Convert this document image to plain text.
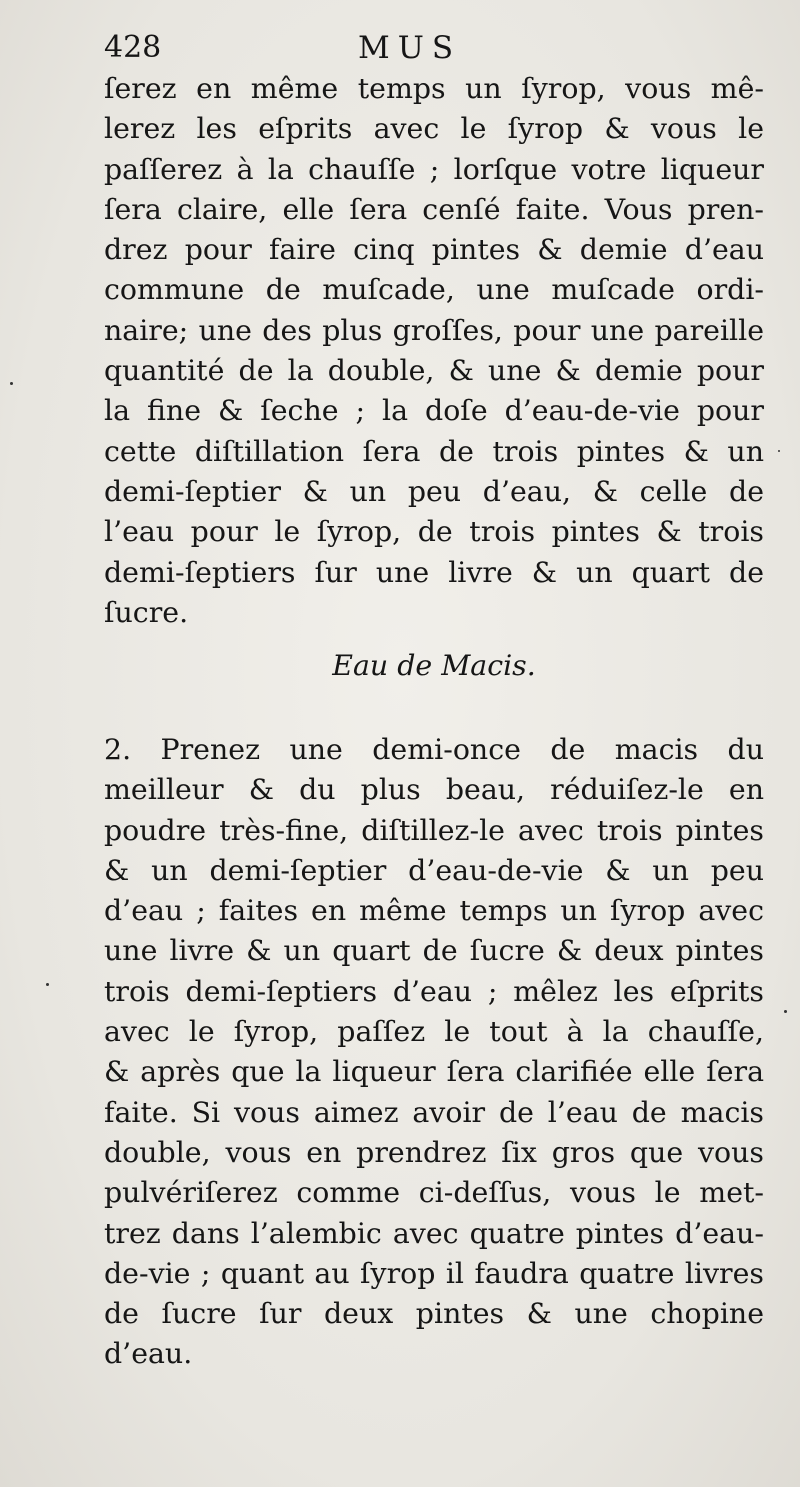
428	MUS
ſerez en même temps un ſyrop, vous mê-
lerez les eſprits avec le ſyrop & vous le
paſſerez à la chauſſe ; lorſque votre liqueur
ſera claire, elle ſera cenſé faite. Vous pren-
drez pour faire cinq pintes & demie d’eau
commune de muſcade, une muſcade ordi-
naire; une des plus groſſes, pour une pareille
quantité de la double, & une & demie pour
la fine & ſeche ; la doſe d’eau-de-vie pour
cette diſtillation ſera de trois pintes & un
demi-ſeptier & un peu d’eau, & celle de
l’eau pour le ſyrop, de trois pintes & trois
demi-ſeptiers ſur une livre & un quart de
ſucre.
Eau de Macis.
2. Prenez une demi-once de macis du
meilleur & du plus beau, réduiſez-le en
poudre très-fine, diſtillez-le avec trois pintes
& un demi-ſeptier d’eau-de-vie & un peu
d’eau ; faites en même temps un ſyrop avec
une livre & un quart de ſucre & deux pintes
trois demi-ſeptiers d’eau ; mêlez les eſprits
avec le ſyrop, paſſez le tout à la chauſſe,
& après que la liqueur ſera clarifiée elle ſera
faite. Si vous aimez avoir de l’eau de macis
double, vous en prendrez ſix gros que vous
pulvériſerez comme ci-deſſus, vous le met-
trez dans l’alembic avec quatre pintes d’eau-
de-vie ; quant au ſyrop il faudra quatre livres
de ſucre ſur deux pintes & une chopine
d’eau.
